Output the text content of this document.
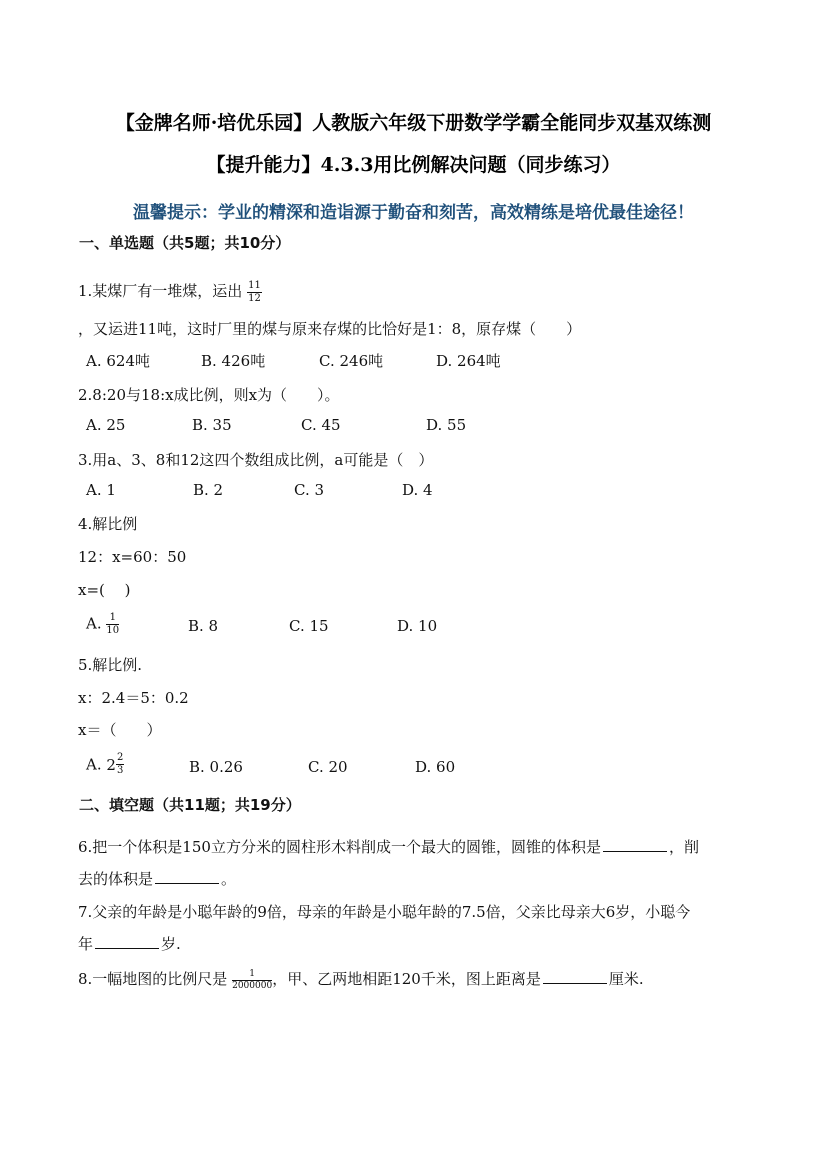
【金牌名师·培优乐园】人教版六年级下册数学学霸全能同步双基双练测
【提升能力】4.3.3用比例解决问题（同步练习）
温馨提示：学业的精深和造诣源于勤奋和刻苦，高效精练是培优最佳途径！
一、单选题（共5题；共10分）
1.某煤厂有一堆煤，运出 $\frac{11}{12}$
，又运进11吨，这时厂里的煤与原来存煤的比恰好是1：8，原存煤（　　）
A. 624吨	B. 426吨	C. 246吨	D. 264吨
2.8:20与18:x成比例，则x为（　　）。
A. 25	B. 35	C. 45	D. 55
3.用a、3、8和12这四个数组成比例，a可能是（　）
A. 1	B. 2	C. 3	D. 4
4.解比例
12：x=60：50
x=(　 )
A. $\frac{1}{10}$	B. 8	C. 15	D. 10
5.解比例.
x：2.4＝5：0.2
x＝（　　）
A. $2 \frac{2}{3}$	B. 0.26	C. 20	D. 60
二、填空题（共11题；共19分）
6.把一个体积是150立方分米的圆柱形木料削成一个最大的圆锥，圆锥的体积是	，削
去的体积是	。
7.父亲的年龄是小聪年龄的9倍，母亲的年龄是小聪年龄的7.5倍，父亲比母亲大6岁，小聪今
年	岁.
8.一幅地图的比例尺是 $\frac{1}{2000000}$ ，甲、乙两地相距120千米，图上距离是	厘米.
